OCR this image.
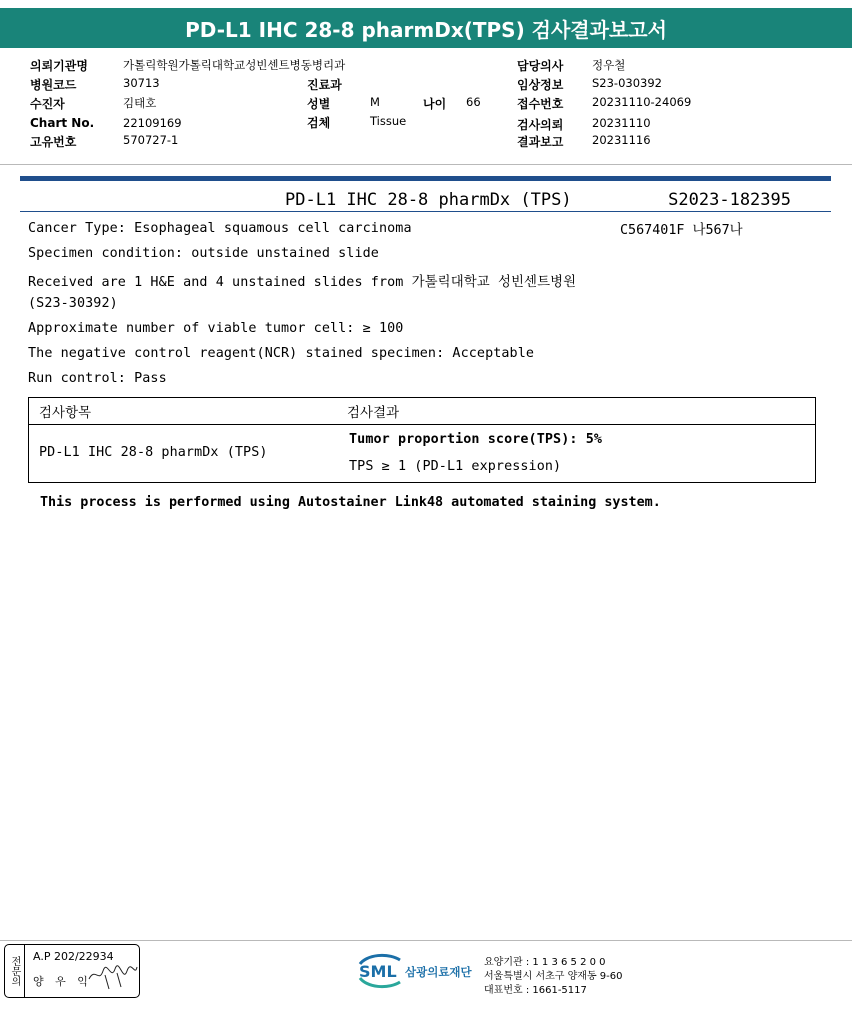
PD-L1 IHC 28-8 pharmDx(TPS) 검사결과보고서
의뢰기관명	가톨릭학원가톨릭대학교성빈센트병동병리과
병원코드	30713
수진자	김태호
Chart No.	22109169
고유번호	570727-1
진료과
성별	M	나이 66
검체	Tissue
담당의사 정우철
임상정보 S23-030392
접수번호 20231110-24069
검사의뢰 20231110
결과보고 20231116
PD-L1 IHC 28-8 pharmDx (TPS)	S2023-182395
C567401F 나567나
Cancer Type: Esophageal squamous cell carcinoma
Specimen condition: outside unstained slide
Received are 1 H&E and 4 unstained slides from 가톨릭대학교 성빈센트병원
(S23-30392)
Approximate number of viable tumor cell: ≥ 100
The negative control reagent(NCR) stained specimen: Acceptable
Run control: Pass
검사항목	검사결과
PD-L1 IHC 28-8 pharmDx (TPS)
Tumor proportion score(TPS): 5%
TPS ≥ 1 (PD-L1 expression)
This process is performed using Autostainer Link48 automated staining system.
전문의 A.P 202/22934
양 우 익
SML 삼광의료재단
요양기관 : 1 1 3 6 5 2 0 0
서울특별시 서초구 양재동 9-60
대표번호 : 1661-5117
